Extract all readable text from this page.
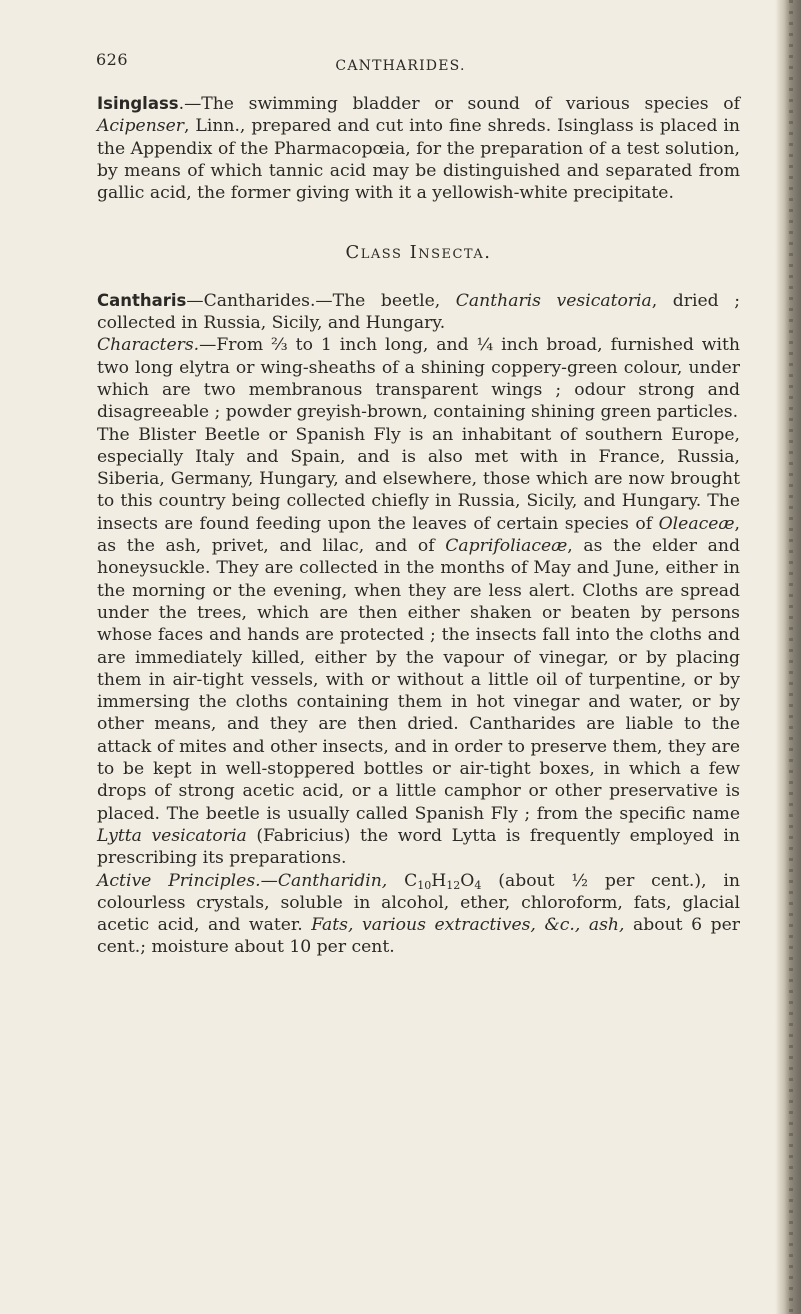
626	CANTHARIDES.

Isinglass.—The swimming bladder or sound of various species of Acipenser, Linn., prepared and cut into fine shreds. Isinglass is placed in the Appendix of the Pharmacopœia, for the preparation of a test solution, by means of which tannic acid may be distinguished and separated from gallic acid, the former giving with it a yellowish-white precipitate.

Class Insecta.

Cantharis—Cantharides.—The beetle, Cantharis vesicatoria, dried ; collected in Russia, Sicily, and Hungary.

Characters.—From ⅔ to 1 inch long, and ¼ inch broad, furnished with two long elytra or wing-sheaths of a shining coppery-green colour, under which are two membranous transparent wings ; odour strong and disagreeable ; powder greyish-brown, containing shining green particles.

The Blister Beetle or Spanish Fly is an inhabitant of southern Europe, especially Italy and Spain, and is also met with in France, Russia, Siberia, Germany, Hungary, and elsewhere, those which are now brought to this country being collected chiefly in Russia, Sicily, and Hungary. The insects are found feeding upon the leaves of certain species of Oleaceæ, as the ash, privet, and lilac, and of Caprifoliaceæ, as the elder and honeysuckle. They are collected in the months of May and June, either in the morning or the evening, when they are less alert. Cloths are spread under the trees, which are then either shaken or beaten by persons whose faces and hands are protected ; the insects fall into the cloths and are immediately killed, either by the vapour of vinegar, or by placing them in air-tight vessels, with or without a little oil of turpentine, or by immersing the cloths containing them in hot vinegar and water, or by other means, and they are then dried. Cantharides are liable to the attack of mites and other insects, and in order to preserve them, they are to be kept in well-stoppered bottles or air-tight boxes, in which a few drops of strong acetic acid, or a little camphor or other preservative is placed. The beetle is usually called Spanish Fly ; from the specific name Lytta vesicatoria (Fabricius) the word Lytta is frequently employed in prescribing its preparations.

Active Principles.—Cantharidin, $C_{10}H_{12}O_4$ (about ½ per cent.), in colourless crystals, soluble in alcohol, ether, chloroform, fats, glacial acetic acid, and water. Fats, various extractives, &c., ash, about 6 per cent.; moisture about 10 per cent.
